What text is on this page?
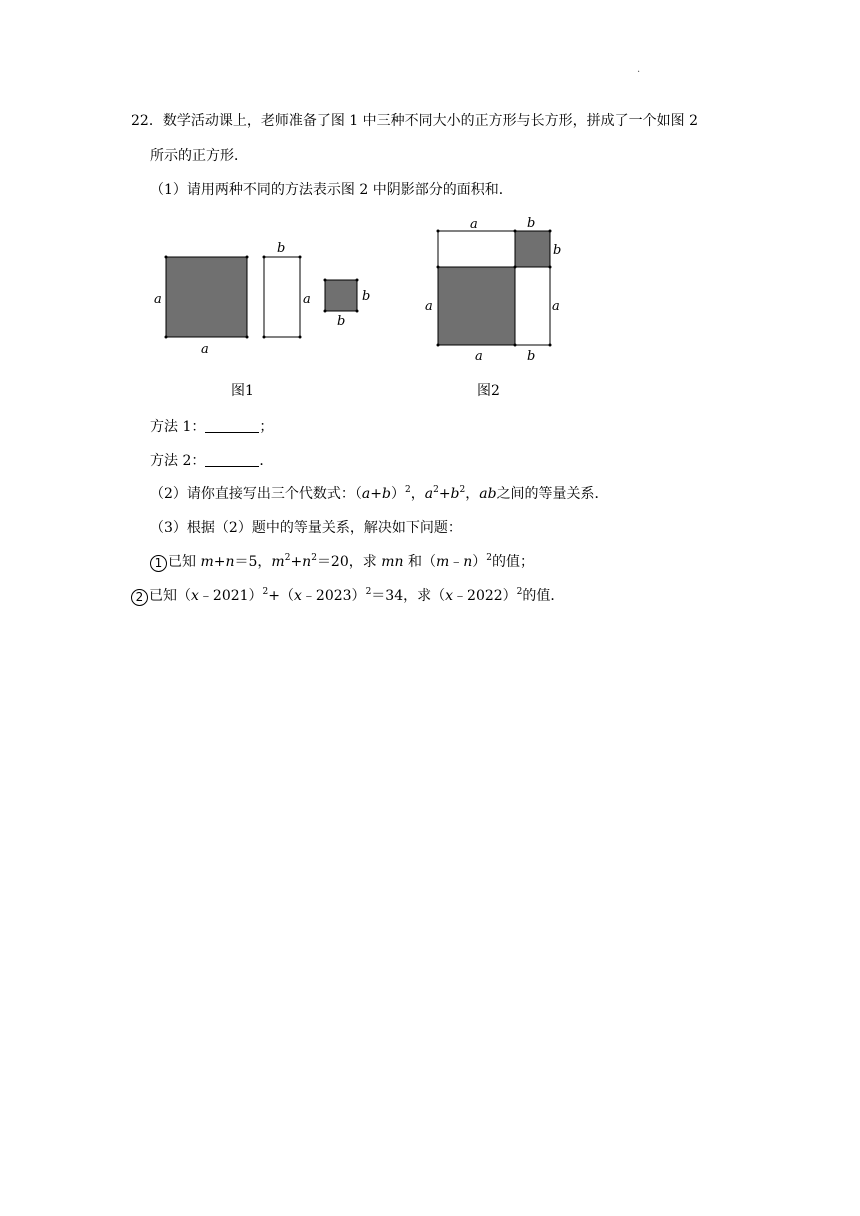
.
22．数学活动课上，老师准备了图 1 中三种不同大小的正方形与长方形，拼成了一个如图 2
所示的正方形．
（1）请用两种不同的方法表示图 2 中阴影部分的面积和．
a
a
b
a	b
b
图1
a	b
b
a	a
a	b
图2
方法 1：	；
方法 2：	．
（2）请你直接写出三个代数式：$(a+b)^2$，$a^2+b^2$，ab之间的等量关系．
（3）根据（2）题中的等量关系，解决如下问题：
1 已知 m+n＝5，$m^2+n^2=20$，求 mn 和（m﹣n）$^2$的值；
2 已知（x﹣2021）$^2$+（x﹣2023）$^2$＝34，求（x﹣2022）$^2$的值．
